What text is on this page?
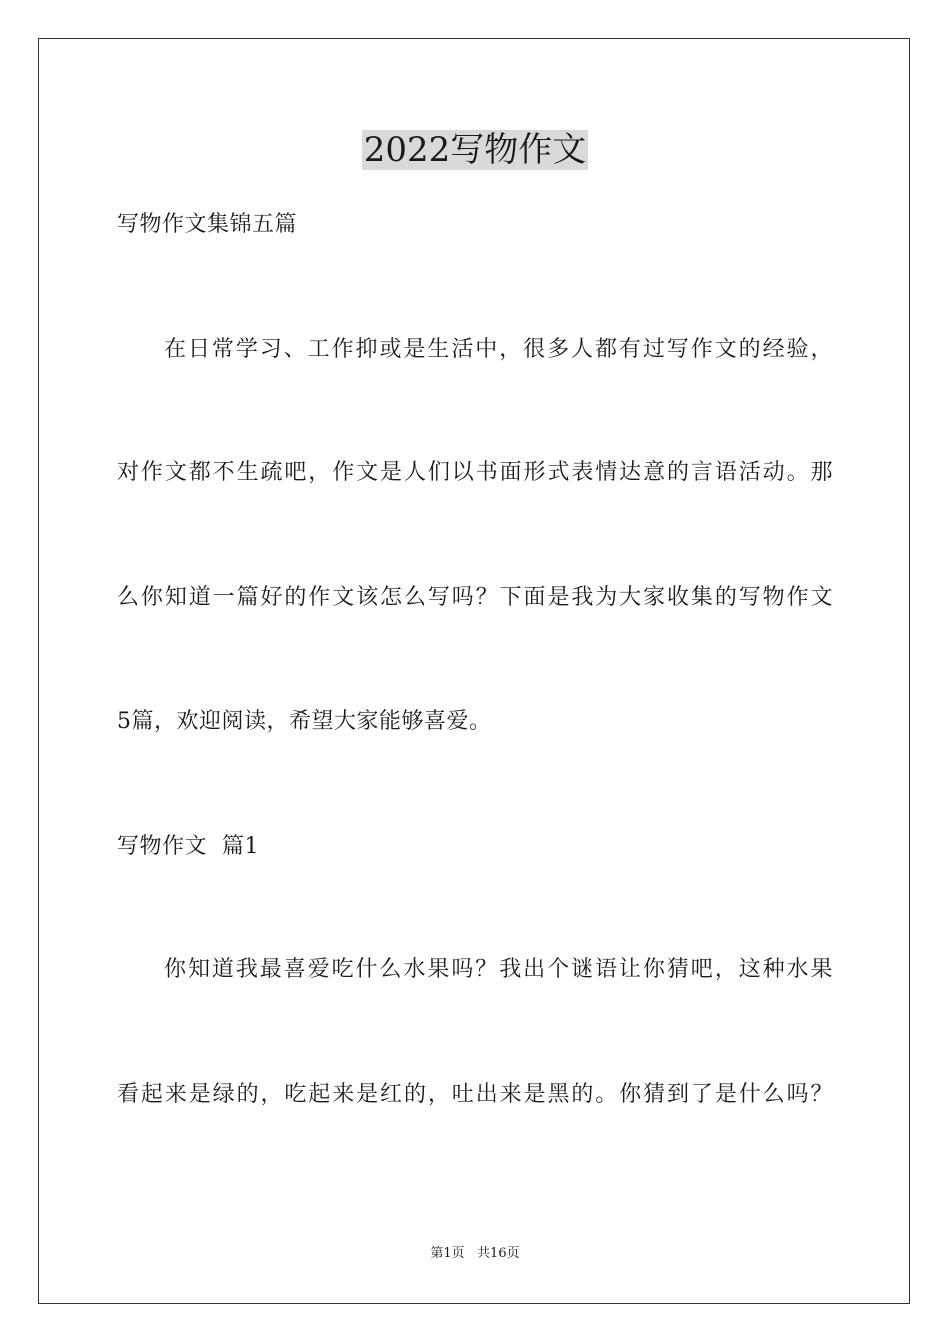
2022写物作文
写物作文集锦五篇
在日常学习、工作抑或是生活中，很多人都有过写作文的经验，
对作文都不生疏吧，作文是人们以书面形式表情达意的言语活动。那
么你知道一篇好的作文该怎么写吗？下面是我为大家收集的写物作文
5篇，欢迎阅读，希望大家能够喜爱。
写物作文  篇1
你知道我最喜爱吃什么水果吗？我出个谜语让你猜吧，这种水果
看起来是绿的，吃起来是红的，吐出来是黑的。你猜到了是什么吗？
第1页   共16页
